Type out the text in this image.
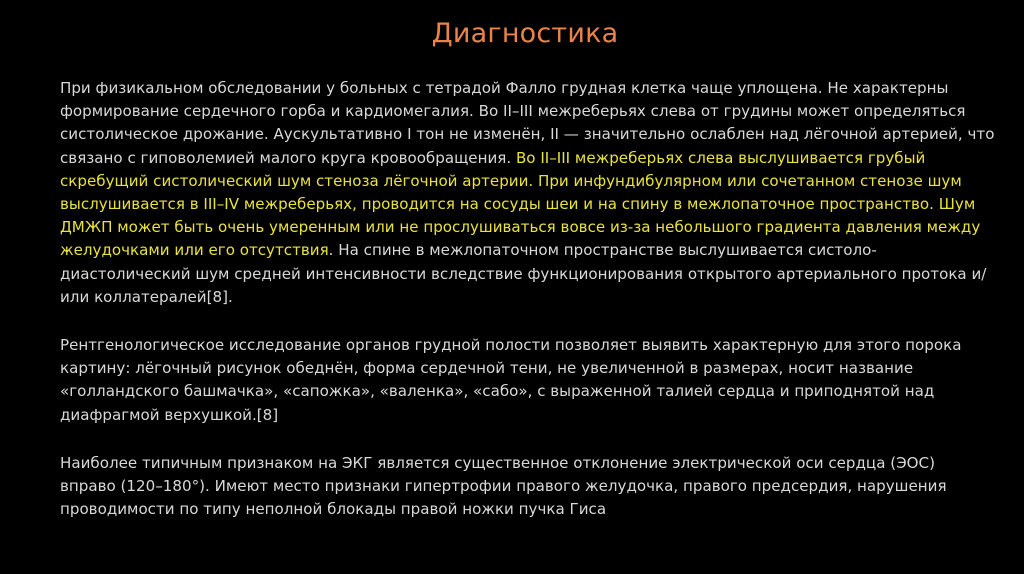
Диагностика

При физикальном обследовании у больных с тетрадой Фалло грудная клетка чаще уплощена. Не характерны формирование сердечного горба и кардиомегалия. Во II–III межреберьях слева от грудины может определяться систолическое дрожание. Аускультативно I тон не изменён, II — значительно ослаблен над лёгочной артерией, что связано с гиповолемией малого круга кровообращения. Во II–III межреберьях слева выслушивается грубый скребущий систолический шум стеноза лёгочной артерии. При инфундибулярном или сочетанном стенозе шум выслушивается в III–IV межреберьях, проводится на сосуды шеи и на спину в межлопаточное пространство. Шум ДМЖП может быть очень умеренным или не прослушиваться вовсе из-за небольшого градиента давления между желудочками или его отсутствия. На спине в межлопаточном пространстве выслушивается систоло-диастолический шум средней интенсивности вследствие функционирования открытого артериального протока и/или коллатералей[8].

Рентгенологическое исследование органов грудной полости позволяет выявить характерную для этого порока картину: лёгочный рисунок обеднён, форма сердечной тени, не увеличенной в размерах, носит название «голландского башмачка», «сапожка», «валенка», «сабо», с выраженной талией сердца и приподнятой над диафрагмой верхушкой.[8]

Наиболее типичным признаком на ЭКГ является существенное отклонение электрической оси сердца (ЭОС) вправо (120–180°). Имеют место признаки гипертрофии правого желудочка, правого предсердия, нарушения проводимости по типу неполной блокады правой ножки пучка Гиса
